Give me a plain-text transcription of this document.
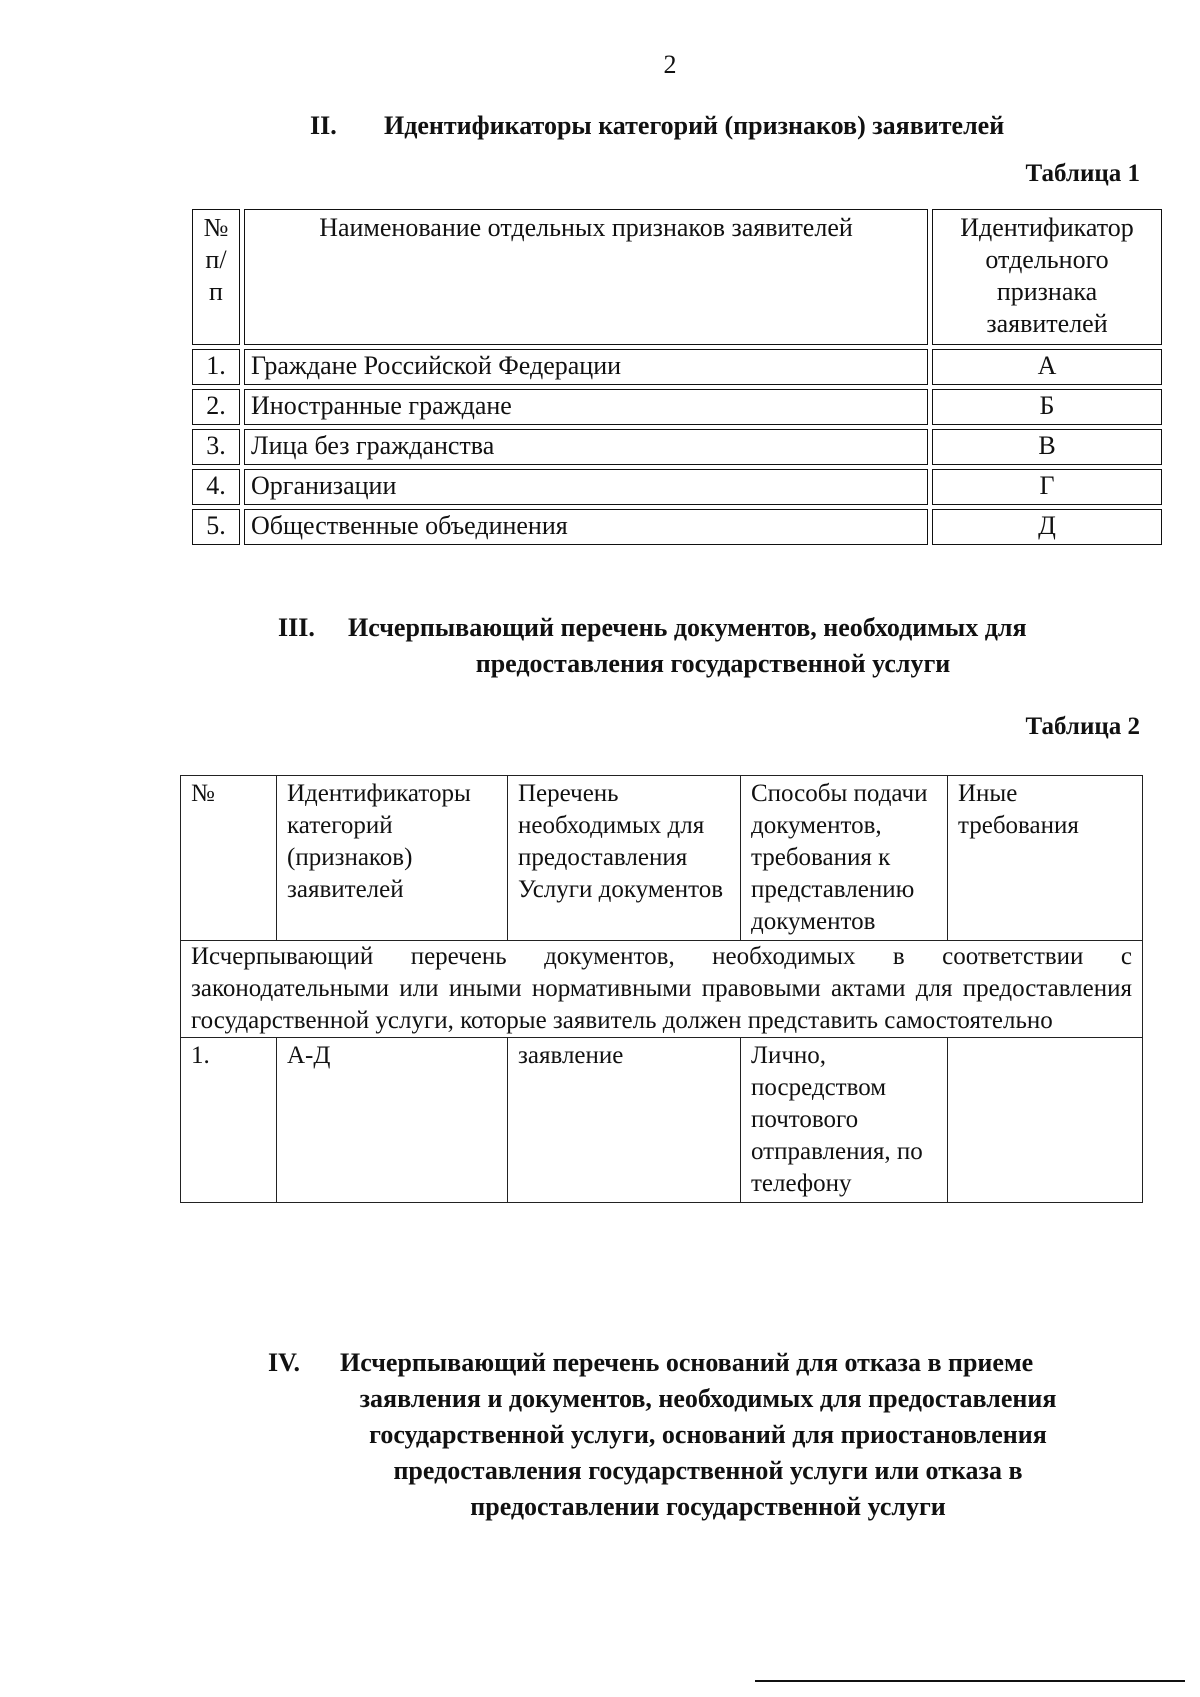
2
II. Идентификаторы категорий (признаков) заявителей
Таблица 1
№ п/п	Наименование отдельных признаков заявителей	Идентификатор отдельного признака заявителей
1.	Граждане Российской Федерации	А
2.	Иностранные граждане	Б
3.	Лица без гражданства	В
4.	Организации	Г
5.	Общественные объединения	Д
III. Исчерпывающий перечень документов, необходимых для
предоставления государственной услуги
Таблица 2
№	Идентификаторы категорий (признаков) заявителей	Перечень необходимых для предоставления Услуги документов	Способы подачи документов, требования к представлению документов	Иные требования
Исчерпывающий перечень документов, необходимых в соответствии с законодательными или иными нормативными правовыми актами для предоставления государственной услуги, которые заявитель должен представить самостоятельно				
1.	А-Д	заявление	Лично, посредством почтового отправления, по телефону	
IV. Исчерпывающий перечень оснований для отказа в приеме
заявления и документов, необходимых для предоставления
государственной услуги, оснований для приостановления
предоставления государственной услуги или отказа в
предоставлении государственной услуги
